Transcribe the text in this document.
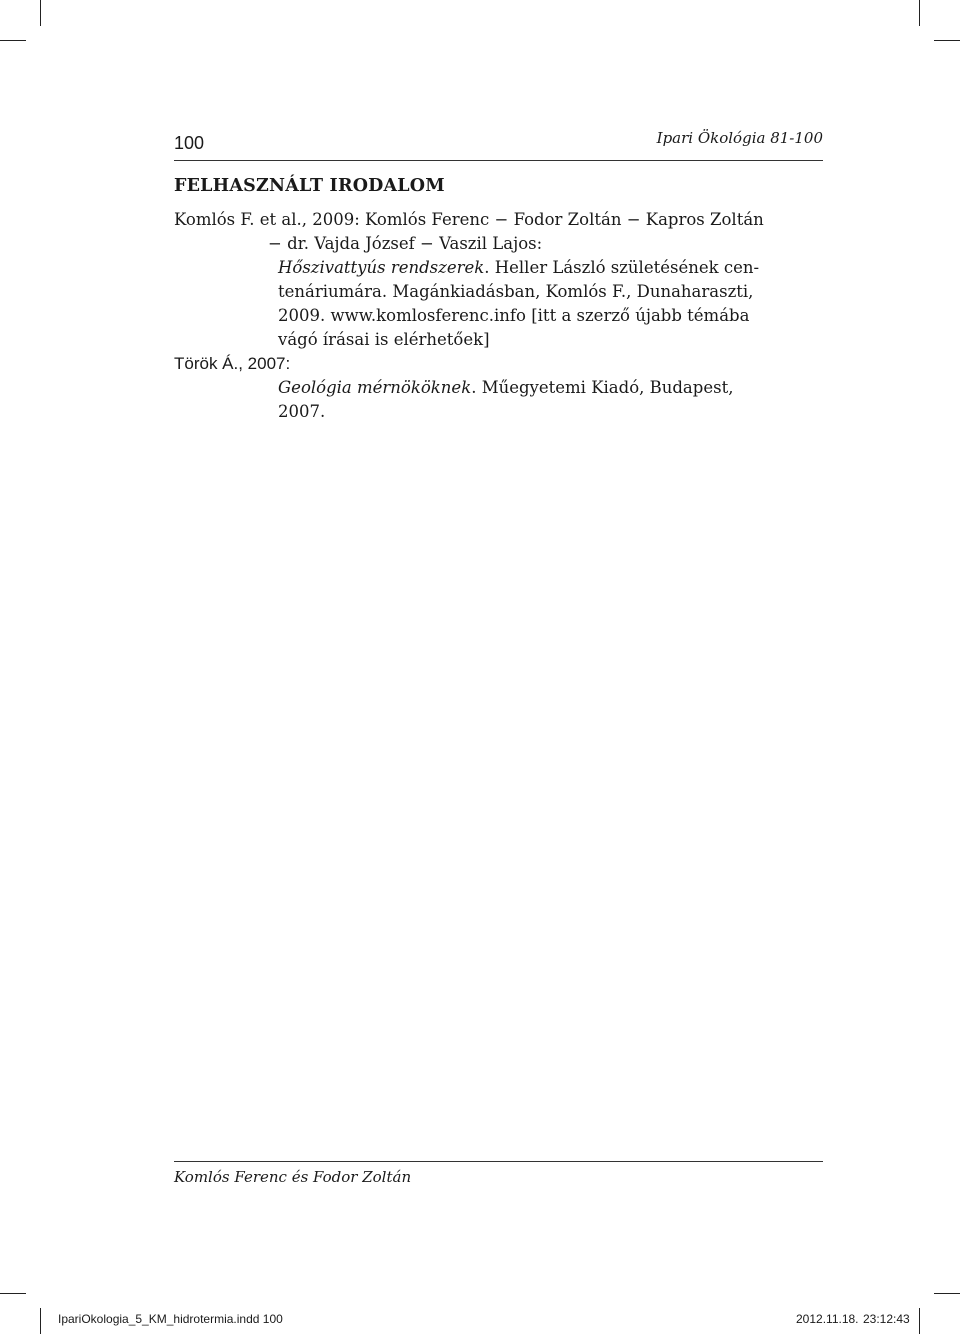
100	Ipari Ökológia 81-100
FELHASZNÁLT IRODALOM
Komlós F. et al., 2009: Komlós Ferenc − Fodor Zoltán − Kapros Zoltán
− dr. Vajda József − Vaszil Lajos:
Hőszivattyús rendszerek. Heller László születésének cen-
tenáriumára. Magánkiadásban, Komlós F., Dunaharaszti,
2009. www.komlosferenc.info [itt a szerző újabb témába
vágó írásai is elérhetőek]
Török Á., 2007:
Geológia mérnököknek. Műegyetemi Kiadó, Budapest,
2007.
Komlós Ferenc és Fodor Zoltán
IpariOkologia_5_KM_hidrotermia.indd 100	2012.11.18. 23:12:43
